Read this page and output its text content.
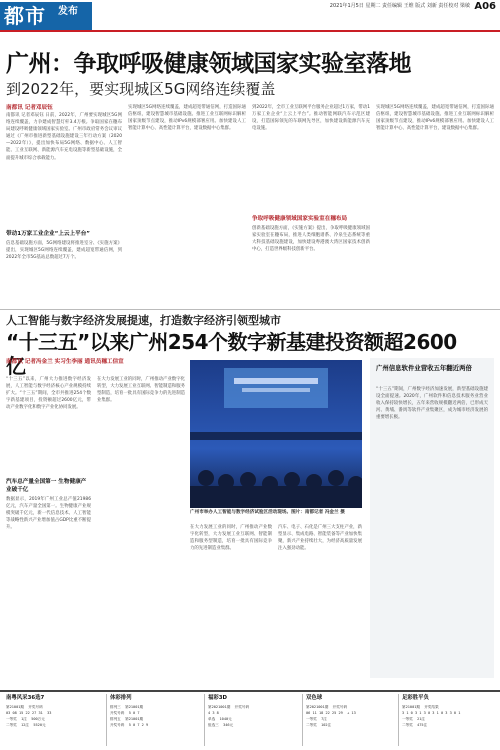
都市 发布	2021年1月5日 星期二 责任编辑 王维 版式 刘新 责任校对 梁敏 A06
广州：争取呼吸健康领域国家实验室落地
到2022年，要实现城区5G网络连续覆盖
南都讯 记者邓辰钰
南都讯 记者邓辰钰 日前，2022年，广州要实现城区5G网络连续覆盖，力争建成智慧灯杆3.4万根。争取国家在穗布局建设呼吸健康领域国家实验室。广州市政府常务会议审议通过《广州市推进新型基础设施建设三年行动方案（2020—2022年）》，提出加快布局5G网络、数据中心、人工智能、工业互联网、新能源汽车充电设施等新型基础设施，全面提升城市综合承载能力。
带动1万家工业企业“上云上平台”
信息基础设施方面，5G网络建设将推进室分、《实施方案》提出，实现城区5G网络连续覆盖，建成超宽带通信网，到2022年全市5G基站总数超过7万个。
实现城区5G网络连续覆盖，建成超宽带通信网，打造国际通信枢纽，建设智慧城市基础设施。推进工业互联网标识解析国家顶级节点建设，推动IPv6规模部署应用。加快建设人工智能计算中心、高性能计算平台，建设数据中心集群。
到2022年，全市工业互联网平台服务企业超过1万家，带动1万家工业企业“上云上平台”。推动智能网联汽车示范区建设，打造国际领先的车联网先导区，加快建设新能源汽车充电设施。
争取呼吸健康领域国家实验室在穗布局
创新基础设施方面，《实施方案》提出，争取呼吸健康领域国家实验室在穗布局，推进人类细胞谱系、冷泉生态系统等重大科技基础设施建设，加快建设粤港澳大湾区国家技术创新中心，打造世界级科技创新平台。
实现城区5G网络连续覆盖，建成超宽带通信网，打造国际通信枢纽，建设智慧城市基础设施。推进工业互联网标识解析国家顶级节点建设，推动IPv6规模部署应用。加快建设人工智能计算中心、高性能计算平台，建设数据中心集群。
人工智能与数字经济发展提速，打造数字经济引领型城市
“十三五”以来广州254个数字新基建投资额超2600亿
南都讯 记者冯金兰 实习生李丽 通讯员穗工信宣
“十三五”以来，广州大力推进数字经济发展，人工智能与数字经济核心产业规模持续扩大。“十三五”期间，全市共推进254个数字新基建项目，投资额超过2600亿元，带动产业数字化和数字产业化协同发展。
汽车总产量全国第一 生物健康产业破千亿
数据显示，2019年广州工业总产值21986亿元，汽车产量全国第一。生物健康产业规模突破千亿元，新一代信息技术、人工智能等战略性新兴产业增加值占GDP比重不断提升。
在大力发展工业的同时，广州推动产业数字化转型，大力发展工业互联网、智能制造和服务型制造，培育一批具有国际竞争力的先进制造业集群。
广州市举办人工智能与数字经济试验区活动现场。图片：南都记者 冯金兰 摄
在大力发展工业的同时，广州推动产业数字化转型，大力发展工业互联网、智能制造和服务型制造，培育一批具有国际竞争力的先进制造业集群。
汽车、电子、石化是广州三大支柱产业，新型显示、集成电路、智能装备等产业加快集聚，新兴产业持续壮大，为经济高质量发展注入强劲动能。
广州信息软件业营收五年翻近两倍
“十三五”期间，广州数字经济加速发展，新型基础设施建设全面提速。2020年，广州软件和信息技术服务业营业收入保持较快增长，五年来营收规模翻近两倍，已形成天河、黄埔、番禺等软件产业集聚区，成为城市经济发展的重要增长极。
南粤风采36选7
第21001期  开奖号码
03 08 15 22 27 31  33
一等奖  1注  500万元
二等奖  12注  5520元
体彩排列
排列三  第21001期
开奖号码  5 0 7
排列五  第21001期
开奖号码  5 0 7 2 9
福彩3D
第2021001期  开奖号码
4 3 8
单选  1040元
组选三  346元
双色球
第2021001期  开奖号码
06 11 18 22 25 29  + 13
一等奖  7注
二等奖  102注
足彩胜平负
第21001期  开奖结果
3 1 0 3 1 3 0 3 1 0 3 3 0 1
一等奖  21注
二等奖  475注
